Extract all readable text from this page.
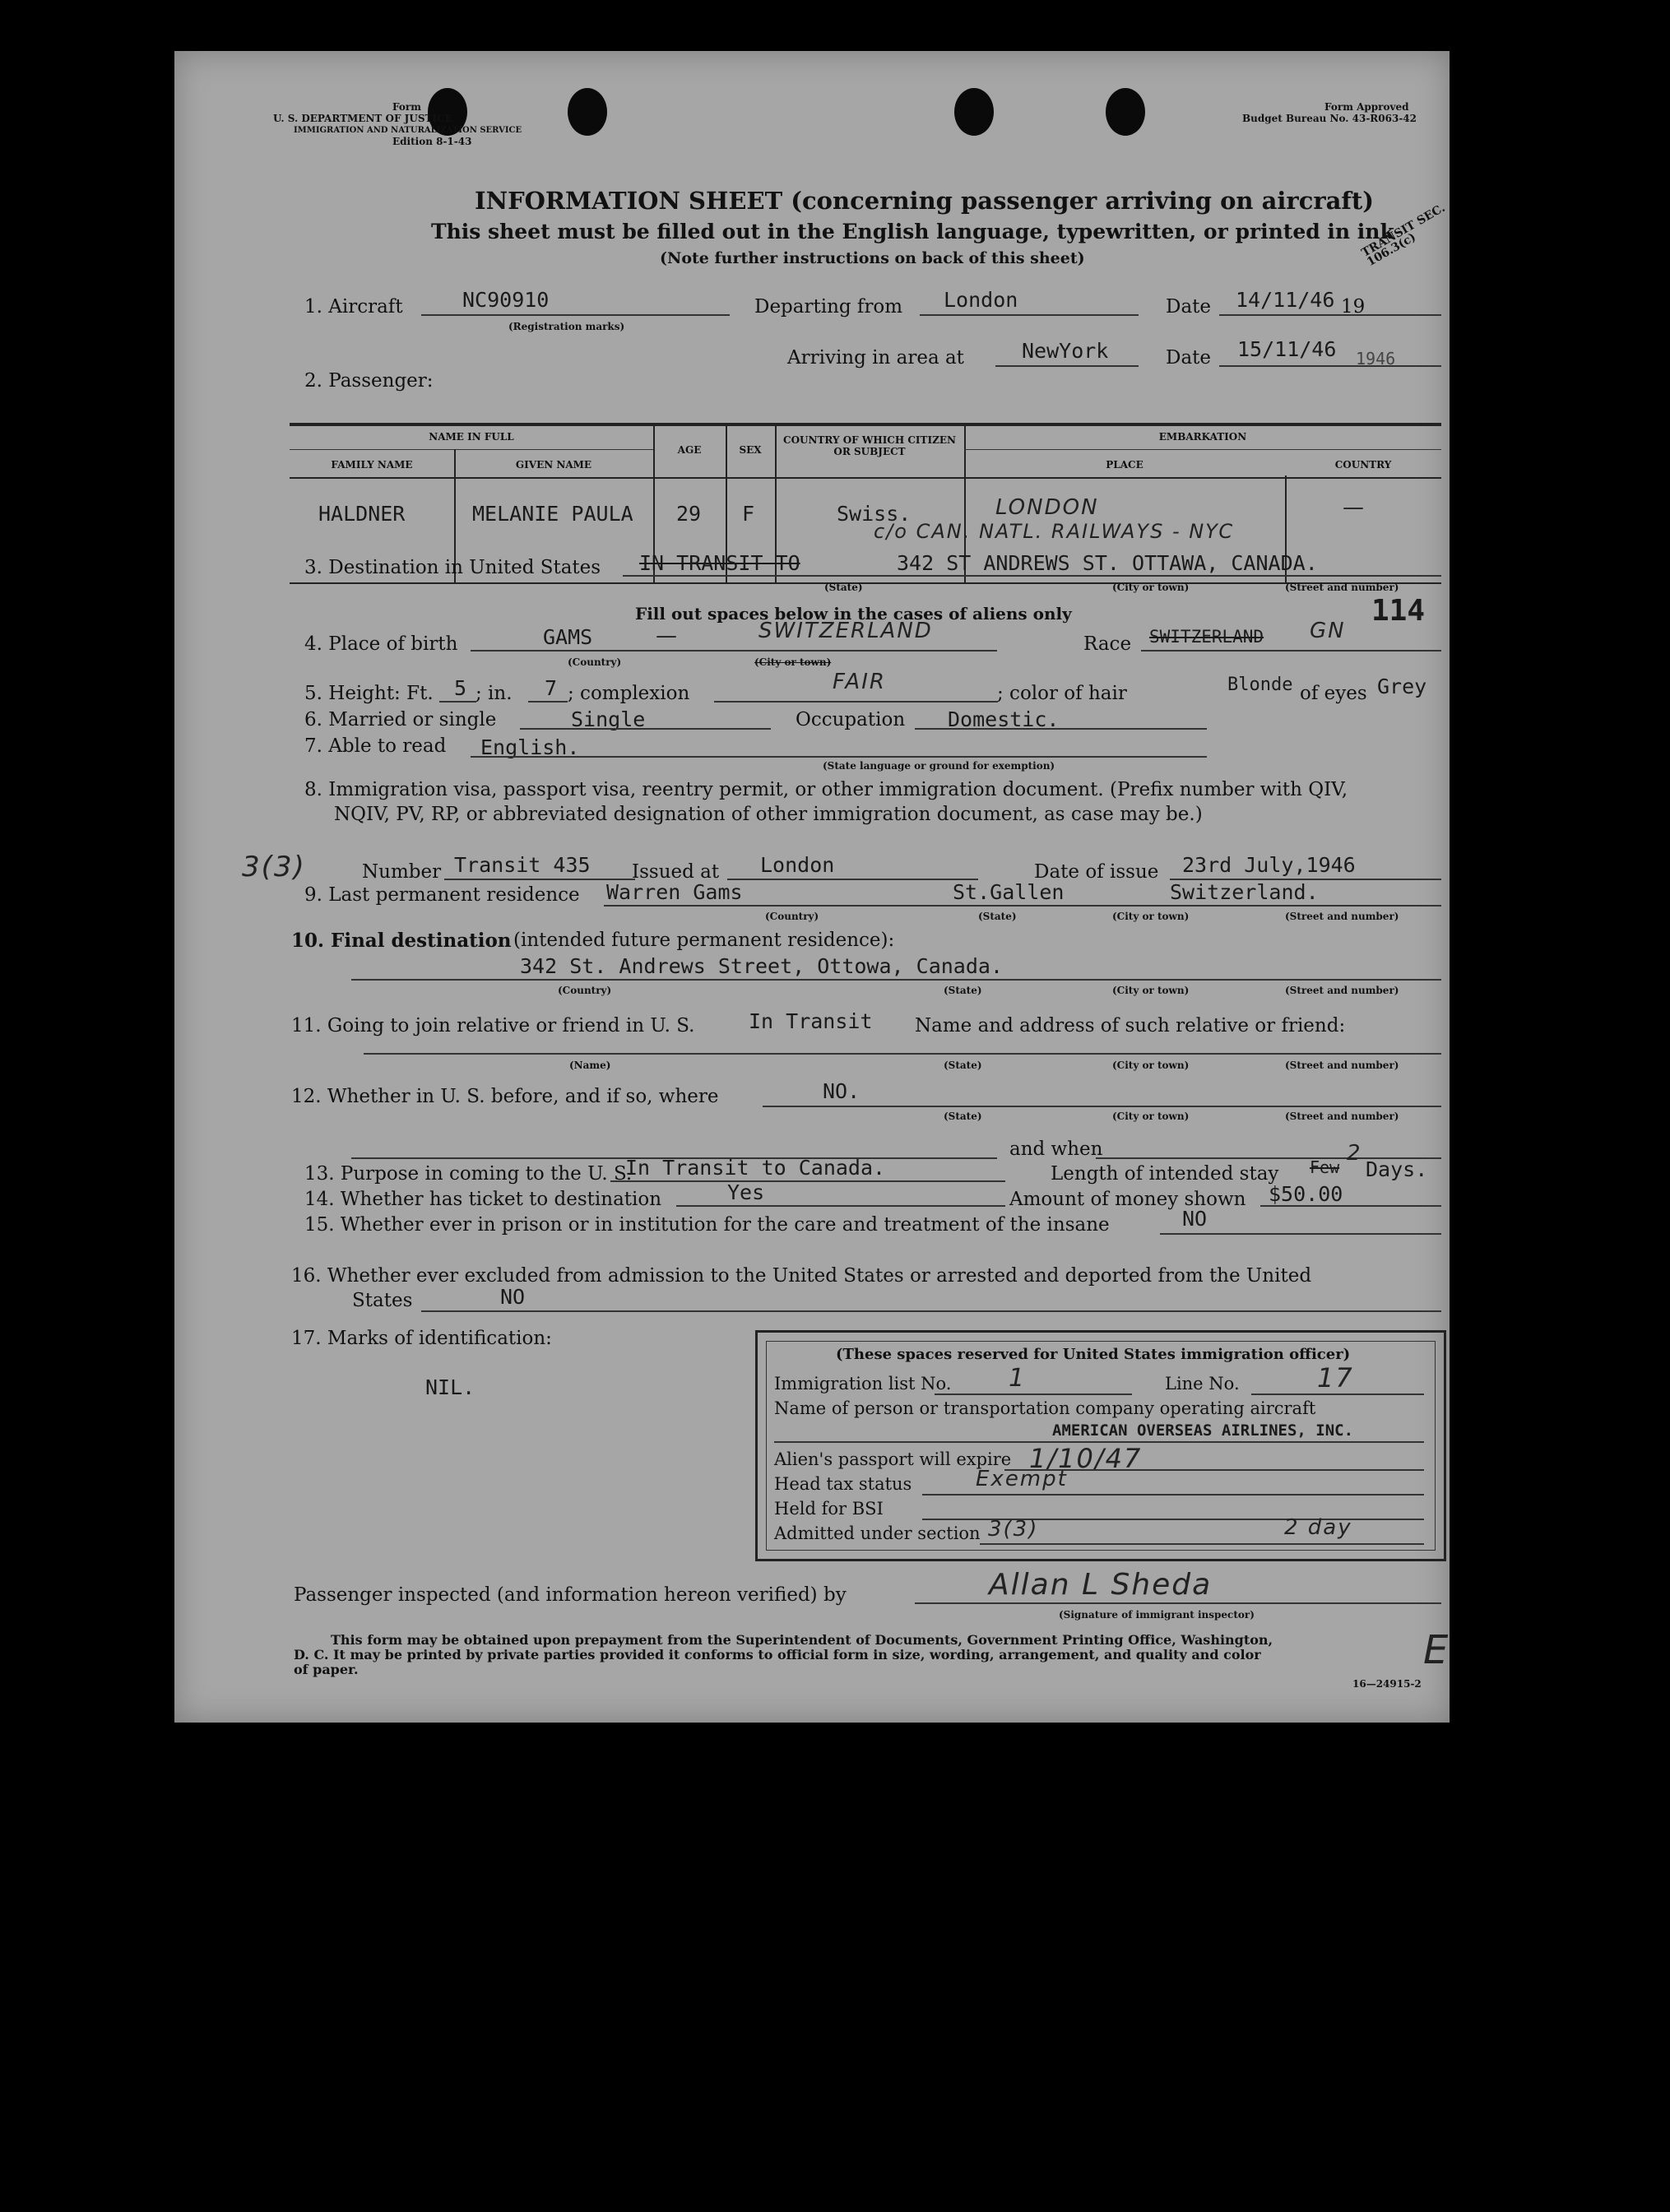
Form
U. S. DEPARTMENT OF JUSTICE
IMMIGRATION AND NATURALIZATION SERVICE
Edition 8-1-43
Form Approved
Budget Bureau No. 43-R063-42
TRANSIT SEC. 106.3(c)
INFORMATION SHEET (concerning passenger arriving on aircraft)
This sheet must be filled out in the English language, typewritten, or printed in ink
(Note further instructions on back of this sheet)
1. Aircraft	NC90910
(Registration marks)
Departing from London	Date 14/11/46 19
Arriving in area at	NewYork	Date 15/11/46 1946
2. Passenger:
NAME IN FULL
FAMILY NAME	GIVEN NAME
AGE	SEX
COUNTRY OF WHICH CITIZEN OR SUBJECT
EMBARKATION
PLACE	COUNTRY
HALDNER	MELANIE PAULA 29 F	Swiss.	LONDON	—
c/o CAN. NATL. RAILWAYS - NYC
3. Destination in United States IN TRANSIT TO	342 ST ANDREWS ST. OTTAWA, CANADA.
(State)	(City or town)	(Street and number)
Fill out spaces below in the cases of aliens only	114
4. Place of birth	GAMS	—	SWITZERLAND
(Country)	(City or town)
Race SWITZERLAND GN
5. Height: Ft. 5 ; in. 7 ; complexion	FAIR	; color of hair	Blonde of eyes Grey
6. Married or single	Single	Occupation Domestic.
7. Able to read English.
(State language or ground for exemption)
8. Immigration visa, passport visa, reentry permit, or other immigration document. (Prefix number with QIV,
NQIV, PV, RP, or abbreviated designation of other immigration document, as case may be.)
3(3)	Number Transit 435 Issued at London	Date of issue 23rd July,1946
9. Last permanent residence Warren Gams	St.Gallen	Switzerland.
(Country)	(State)	(City or town)	(Street and number)
10. Final destination (intended future permanent residence):
342 St. Andrews Street, Ottowa, Canada.
(Country)	(State)	(City or town)	(Street and number)
11. Going to join relative or friend in U. S.	In Transit Name and address of such relative or friend:
(Name)	(State)	(City or town)	(Street and number)
12. Whether in U. S. before, and if so, where	NO.
(State)	(City or town)	(Street and number)
and when
13. Purpose in coming to the U. S.
In Transit to Canada.	Length of intended stay Few
2
Days.
14. Whether has ticket to destination	Yes	Amount of money shown $50.00
15. Whether ever in prison or in institution for the care and treatment of the insane	NO
16. Whether ever excluded from admission to the United States or arrested and deported from the United
States	NO
17. Marks of identification:
NIL.
(These spaces reserved for United States immigration officer)
Immigration list No. 1	Line No.	17
Name of person or transportation company operating aircraft
AMERICAN OVERSEAS AIRLINES, INC.
Alien's passport will expire 1/10/47
Head tax status	Exempt
Held for BSI
Admitted under section 3(3)	2 day
Passenger inspected (and information hereon verified) by	Allan L Sheda
(Signature of immigrant inspector)
This form may be obtained upon prepayment from the Superintendent of Documents, Government Printing Office, Washington,
D. C. It may be printed by private parties provided it conforms to official form in size, wording, arrangement, and quality and color
of paper.
16—24915-2
E
